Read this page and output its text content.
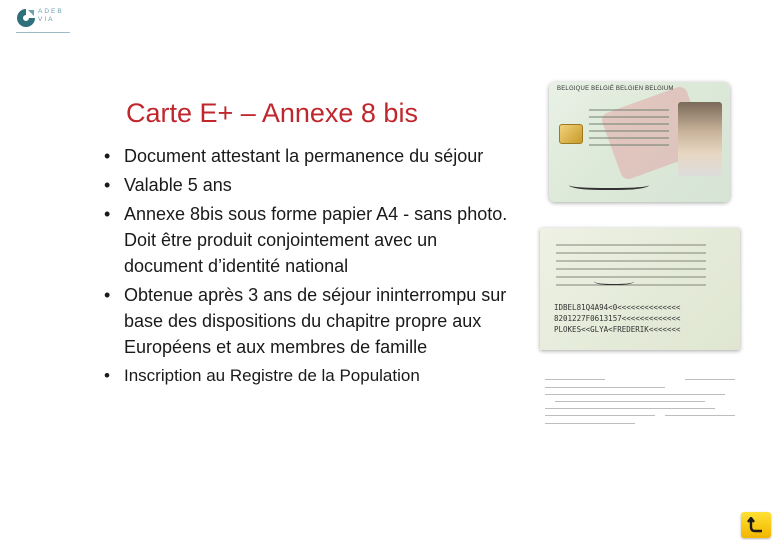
ADEB
VIA
Carte E+ – Annexe 8 bis
• Document attestant la permanence du séjour
• Valable 5 ans
• Annexe 8bis sous forme papier A4 - sans photo. Doit être produit conjointement avec un document d’identité national
• Obtenue après 3 ans de séjour ininterrompu sur base des dispositions du chapitre propre aux Européens et aux membres de famille
• Inscription au Registre de la Population
BELGIQUE BELGIË BELGIEN BELGIUM
IDBEL81Q4A94<0<<<<<<<<<<<<<<
8201227F0613157<<<<<<<<<<<<<
PLOKES<<GLYA<FREDERIK<<<<<<<
